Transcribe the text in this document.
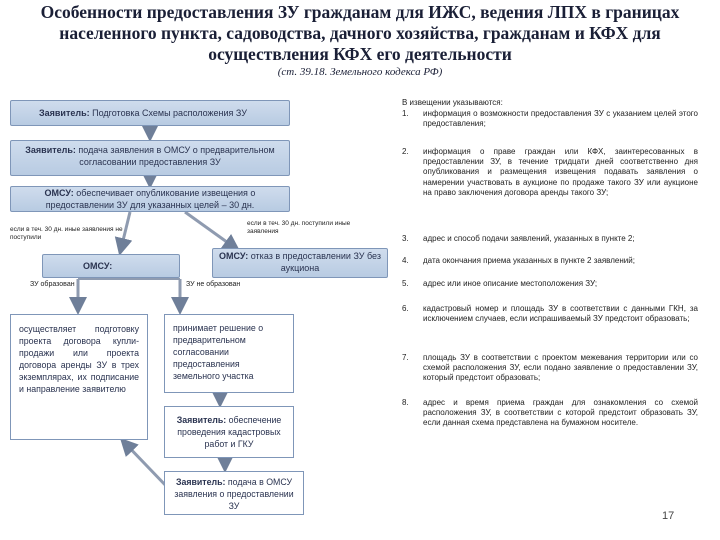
Особенности предоставления ЗУ гражданам для ИЖС, ведения ЛПХ в границах населенного пункта, садоводства, дачного хозяйства, гражданам и КФХ для осуществления КФХ его деятельности
(ст. 39.18. Земельного кодекса РФ)
Заявитель: Подготовка Схемы расположения ЗУ
Заявитель: подача заявления в ОМСУ о предварительном согласовании предоставления ЗУ
ОМСУ: обеспечивает опубликование извещения о предоставлении ЗУ для указанных целей – 30 дн.
если в теч. 30 дн. иные заявления не поступили
если в теч. 30 дн. поступили иные заявления
ОМСУ:
ОМСУ: отказ в предоставлении ЗУ без аукциона
ЗУ образован	ЗУ не образован
осуществляет подготовку проекта договора купли-продажи или проекта договора аренды ЗУ в трех экземплярах, их подписание и направление заявителю
принимает решение о предварительном согласовании предоставления земельного участка
Заявитель: обеспечение проведения кадастровых работ и ГКУ
Заявитель: подача в ОМСУ заявления о предоставлении ЗУ
В извещении указываются:
1.	информация о возможности предоставления ЗУ с указанием целей этого предоставления;
2.	информация о праве граждан или КФХ, заинтересованных в предоставлении ЗУ, в течение тридцати дней соответственно дня опубликования и размещения извещения подавать заявления о намерении участвовать в аукционе по продаже такого ЗУ или аукционе на право заключения договора аренды такого ЗУ;
3.	адрес и способ подачи заявлений, указанных в пункте 2;
4.	дата окончания приема указанных в пункте 2 заявлений;
5.	адрес или иное описание местоположения ЗУ;
6.	кадастровый номер и площадь ЗУ в соответствии с данными ГКН, за исключением случаев, если испрашиваемый ЗУ предстоит образовать;
7.	площадь ЗУ в соответствии с проектом межевания территории или со схемой расположения ЗУ, если подано заявление о предоставлении ЗУ, который предстоит образовать;
8.	адрес и время приема граждан для ознакомления со схемой расположения ЗУ, в соответствии с которой предстоит образовать ЗУ, если данная схема представлена на бумажном носителе.
17
